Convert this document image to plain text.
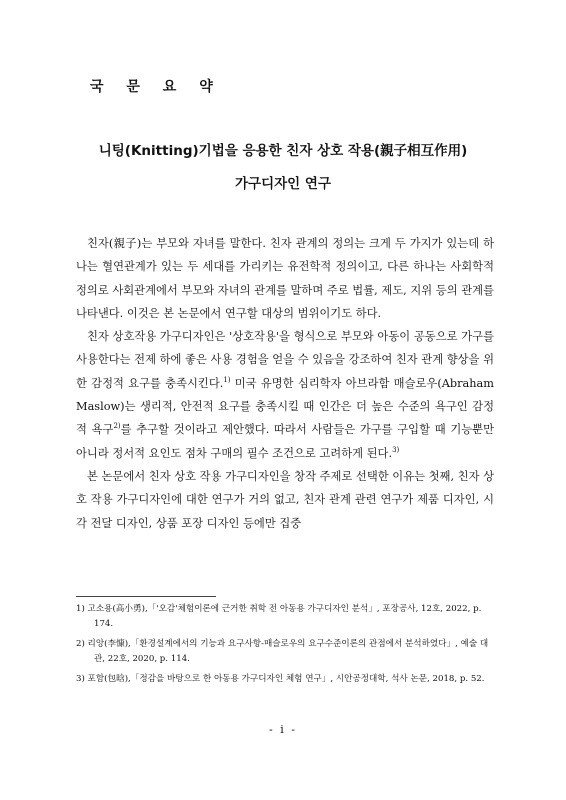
국 문 요 약
니팅(Knitting)기법을 응용한 친자 상호 작용(親子相互作用)
가구디자인 연구

친자(親子)는 부모와 자녀를 말한다. 친자 관계의 정의는 크게 두 가지가 있는데 하나는 혈연관계가 있는 두 세대를 가리키는 유전학적 정의이고, 다른 하나는 사회학적 정의로 사회관계에서 부모와 자녀의 관계를 말하며 주로 법률, 제도, 지위 등의 관계를 나타낸다. 이것은 본 논문에서 연구할 대상의 범위이기도 하다.

친자 상호작용 가구디자인은 '상호작용'을 형식으로 부모와 아동이 공동으로 가구를 사용한다는 전제 하에 좋은 사용 경험을 얻을 수 있음을 강조하여 친자 관계 향상을 위한 감정적 요구를 충족시킨다.$^{1)}$ 미국 유명한 심리학자 아브라함 매슬로우(Abraham Maslow)는 생리적, 안전적 요구를 충족시킬 때 인간은 더 높은 수준의 욕구인 감정적 욕구$^{2)}$를 추구할 것이라고 제안했다. 따라서 사람들은 가구를 구입할 때 기능뿐만 아니라 정서적 요인도 점차 구매의 필수 조건으로 고려하게 된다.$^{3)}$

본 논문에서 친자 상호 작용 가구디자인을 창작 주제로 선택한 이유는 첫째, 친자 상호 작용 가구디자인에 대한 연구가 거의 없고, 친자 관계 관련 연구가 제품 디자인, 시각 전달 디자인, 상품 포장 디자인 등에만 집중

1) 고소용(高小勇),「'오감'체험이론에 근거한 취학 전 아동용 가구디자인 분석」, 포장공사, 12호, 2022, p. 174.

2) 리앙(李慷),「환경설계에서의 기능과 요구사항-매슬로우의 요구수준이론의 관점에서 분석하였다」, 예술 대관, 22호, 2020, p. 114.

3) 포함(包晗),「정감을 바탕으로 한 아동용 가구디자인 체험 연구」, 시안공정대학, 석사 논문, 2018, p. 52.

- i -
